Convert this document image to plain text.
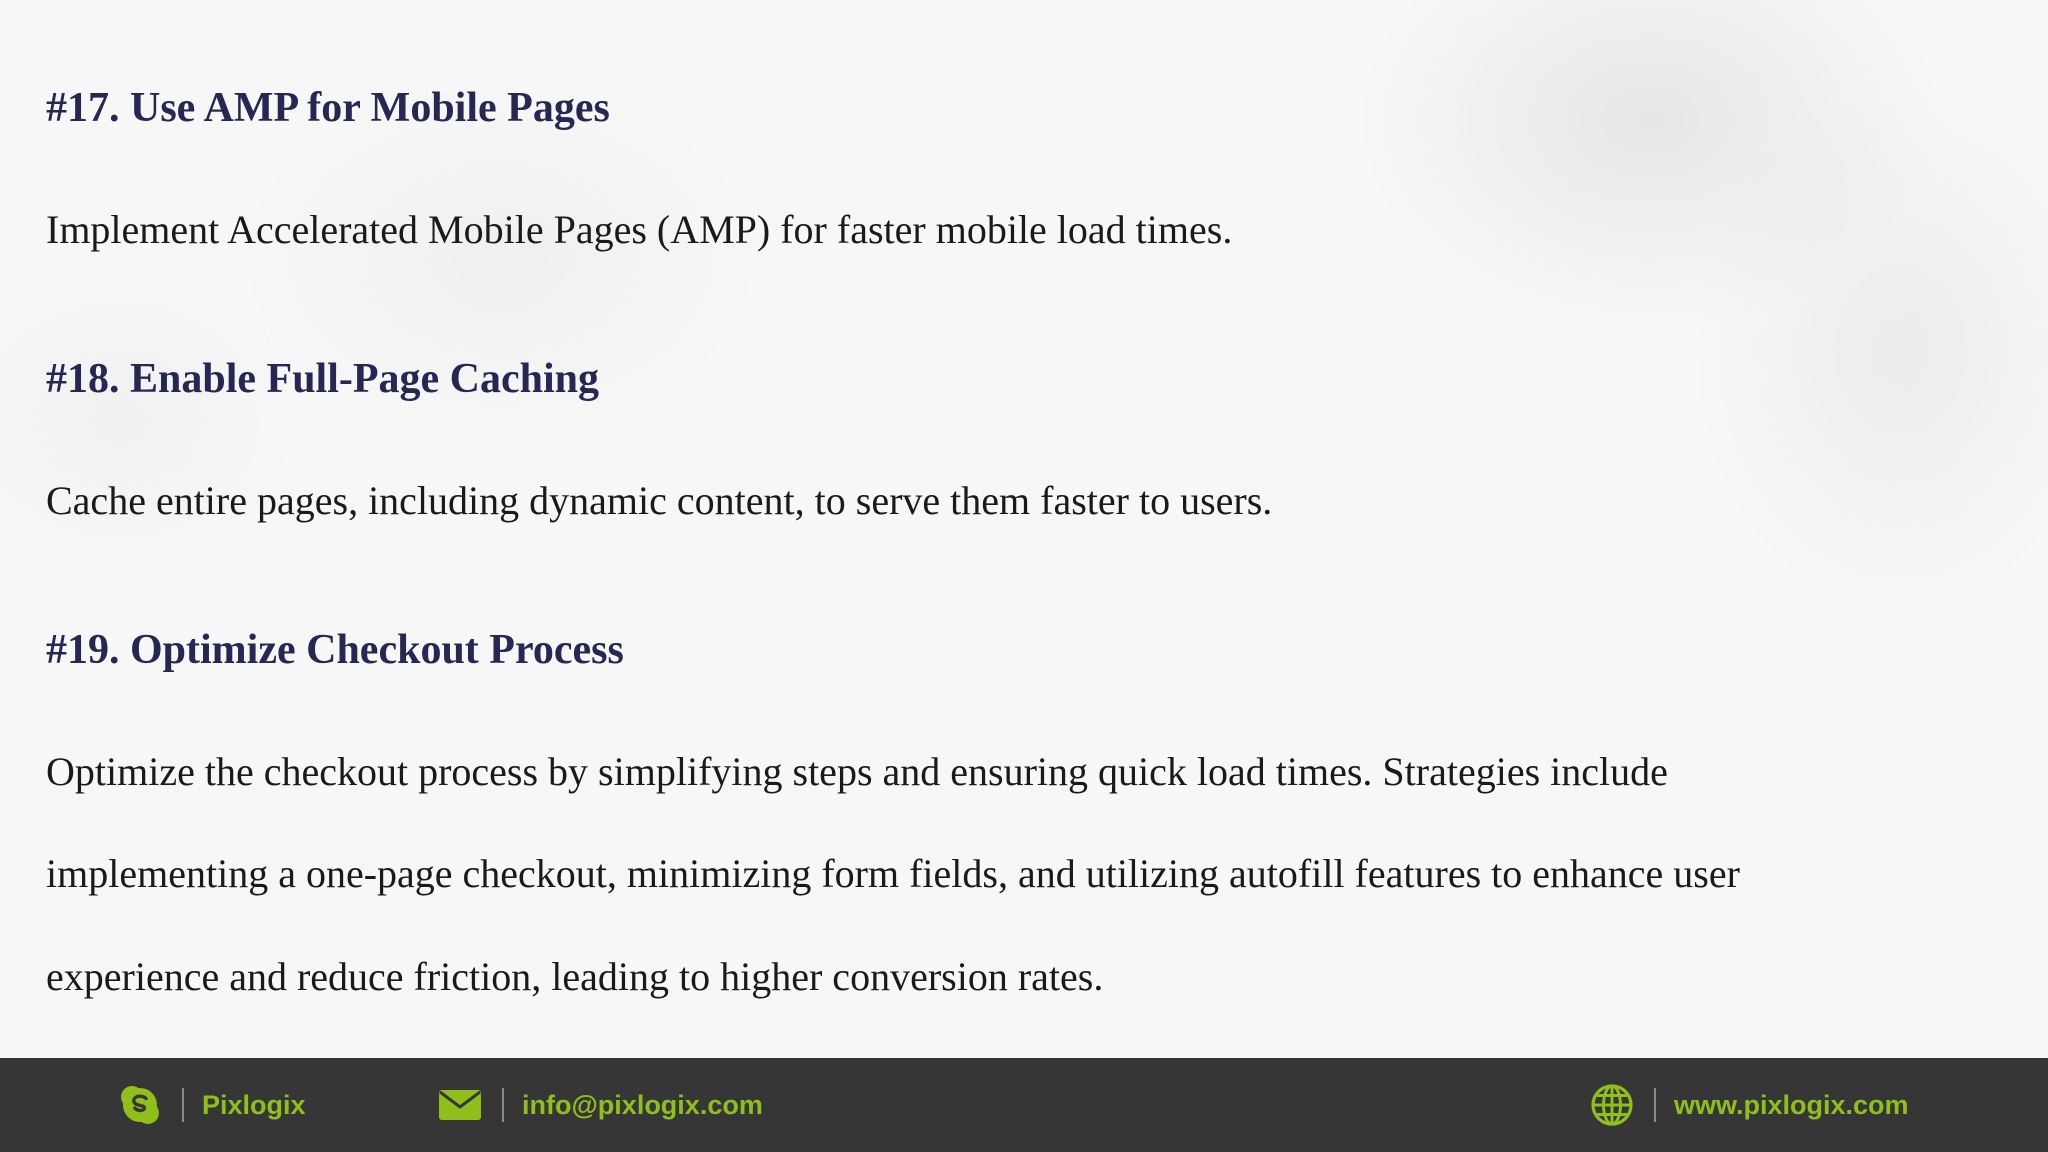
#17. Use AMP for Mobile Pages

Implement Accelerated Mobile Pages (AMP) for faster mobile load times.

#18. Enable Full-Page Caching

Cache entire pages, including dynamic content, to serve them faster to users.

#19. Optimize Checkout Process

Optimize the checkout process by simplifying steps and ensuring quick load times. Strategies include

implementing a one-page checkout, minimizing form fields, and utilizing autofill features to enhance user

experience and reduce friction, leading to higher conversion rates.

Pixlogix	info@pixlogix.com	www.pixlogix.com
